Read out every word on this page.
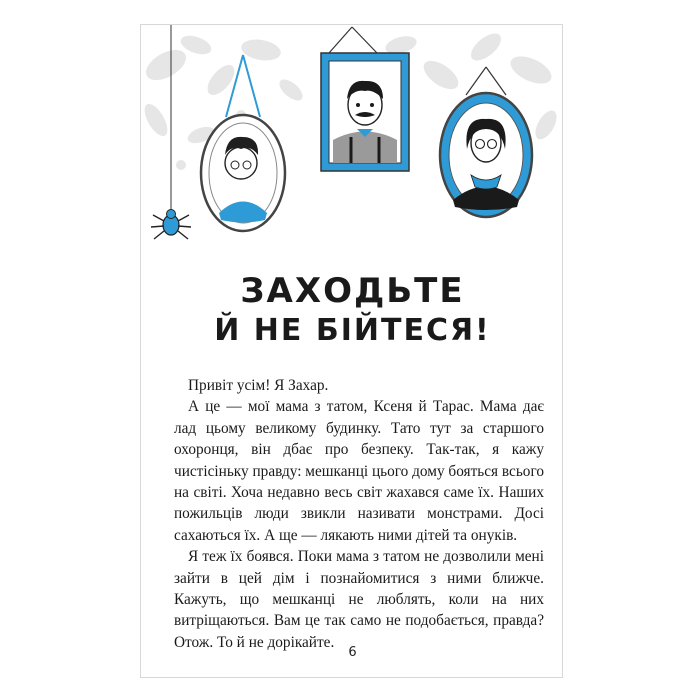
ЗАХОДЬТЕ
Й НЕ БІЙТЕСЯ!

Привіт усім! Я Захар.

А це — мої мама з татом, Ксеня й Тарас. Мама дає лад цьому великому будинку. Тато тут за старшого охоронця, він дбає про безпеку. Так-так, я кажу чистісіньку правду: мешканці цього дому бояться всього на світі. Хоча недавно весь світ жахався саме їх. Наших пожильців люди звикли називати монстрами. Досі сахаються їх. А ще — лякають ними дітей та онуків.

Я теж їх боявся. Поки мама з татом не дозволили мені зайти в цей дім і познайомитися з ними ближче. Кажуть, що мешканці не люблять, коли на них витріщаються. Вам це так само не подобається, правда? Отож. То й не дорікайте.

6
